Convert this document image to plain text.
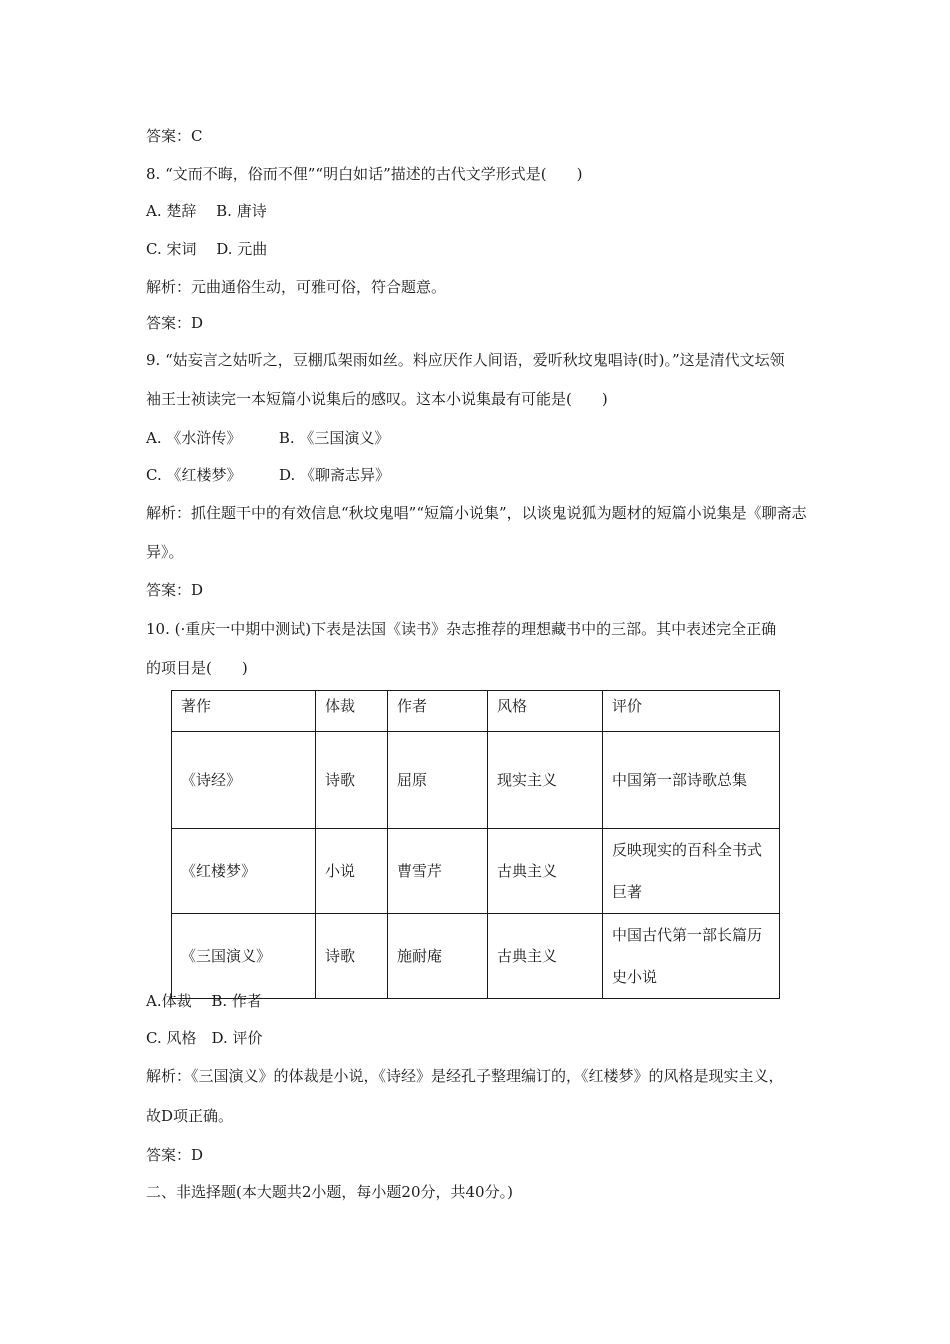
答案：C
8. “文而不晦，俗而不俚”“明白如话”描述的古代文学形式是(　　)
A. 楚辞　 B. 唐诗
C. 宋词　 D. 元曲
解析：元曲通俗生动，可雅可俗，符合题意。
答案：D
9. “姑妄言之姑听之，豆棚瓜架雨如丝。料应厌作人间语，爱听秋坟鬼唱诗(时)。”这是清代文坛领
袖王士祯读完一本短篇小说集后的感叹。这本小说集最有可能是(　　)
A. 《水浒传》　　　B. 《三国演义》
C. 《红楼梦》　　　D. 《聊斋志异》
解析：抓住题干中的有效信息“秋坟鬼唱”“短篇小说集”，以谈鬼说狐为题材的短篇小说集是《聊斋志
异》。
答案：D
10. (·重庆一中期中测试)下表是法国《读书》杂志推荐的理想藏书中的三部。其中表述完全正确
的项目是(　　)
著作	体裁	作者	风格	评价
《诗经》	诗歌	屈原	现实主义	中国第一部诗歌总集
《红楼梦》	小说	曹雪芹	古典主义	反映现实的百科全书式巨著
《三国演义》	诗歌	施耐庵	古典主义	中国古代第一部长篇历史小说
A.体裁　 B. 作者
C. 风格　D. 评价
解析：《三国演义》的体裁是小说，《诗经》是经孔子整理编订的，《红楼梦》的风格是现实主义，
故D项正确。
答案：D
二、非选择题(本大题共2小题，每小题20分，共40分。)
